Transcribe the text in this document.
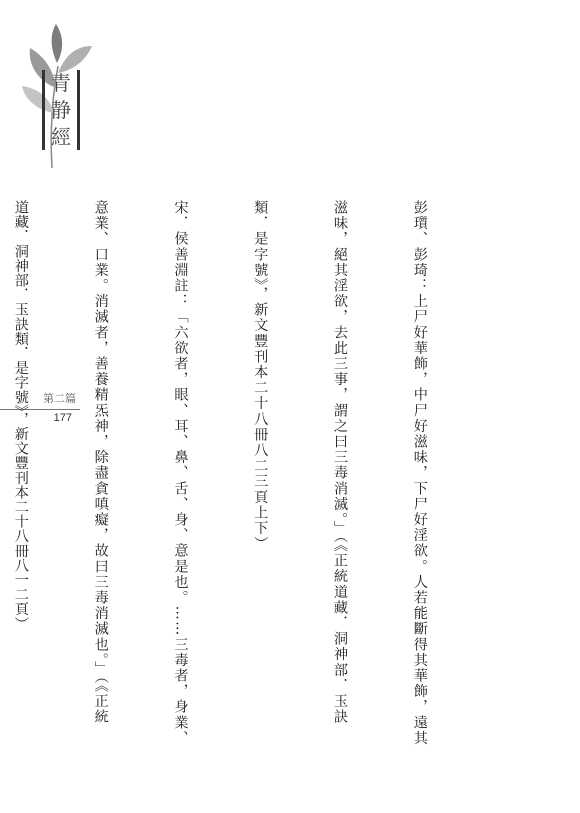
青
静
經
第二篇
177

	彭瓆、彭琦：上尸好華飾，中尸好滋味，下尸好淫欲。人若能斷得其華飾，遠其

滋味，絕其淫欲，去此三事，謂之曰三毒消滅。」（《正統道藏．洞神部．玉訣

類．是字號》，新文豐刊本二十八冊八二三頁上下）

宋．侯善淵註：「六欲者，眼、耳、鼻、舌、身、意是也。……三毒者，身業、

意業、口業。消滅者，善養精炁神，除盡貪嗔癡，故曰三毒消滅也。」（《正統

道藏．洞神部．玉訣類．是字號》，新文豐刊本二十八冊八一二頁）
